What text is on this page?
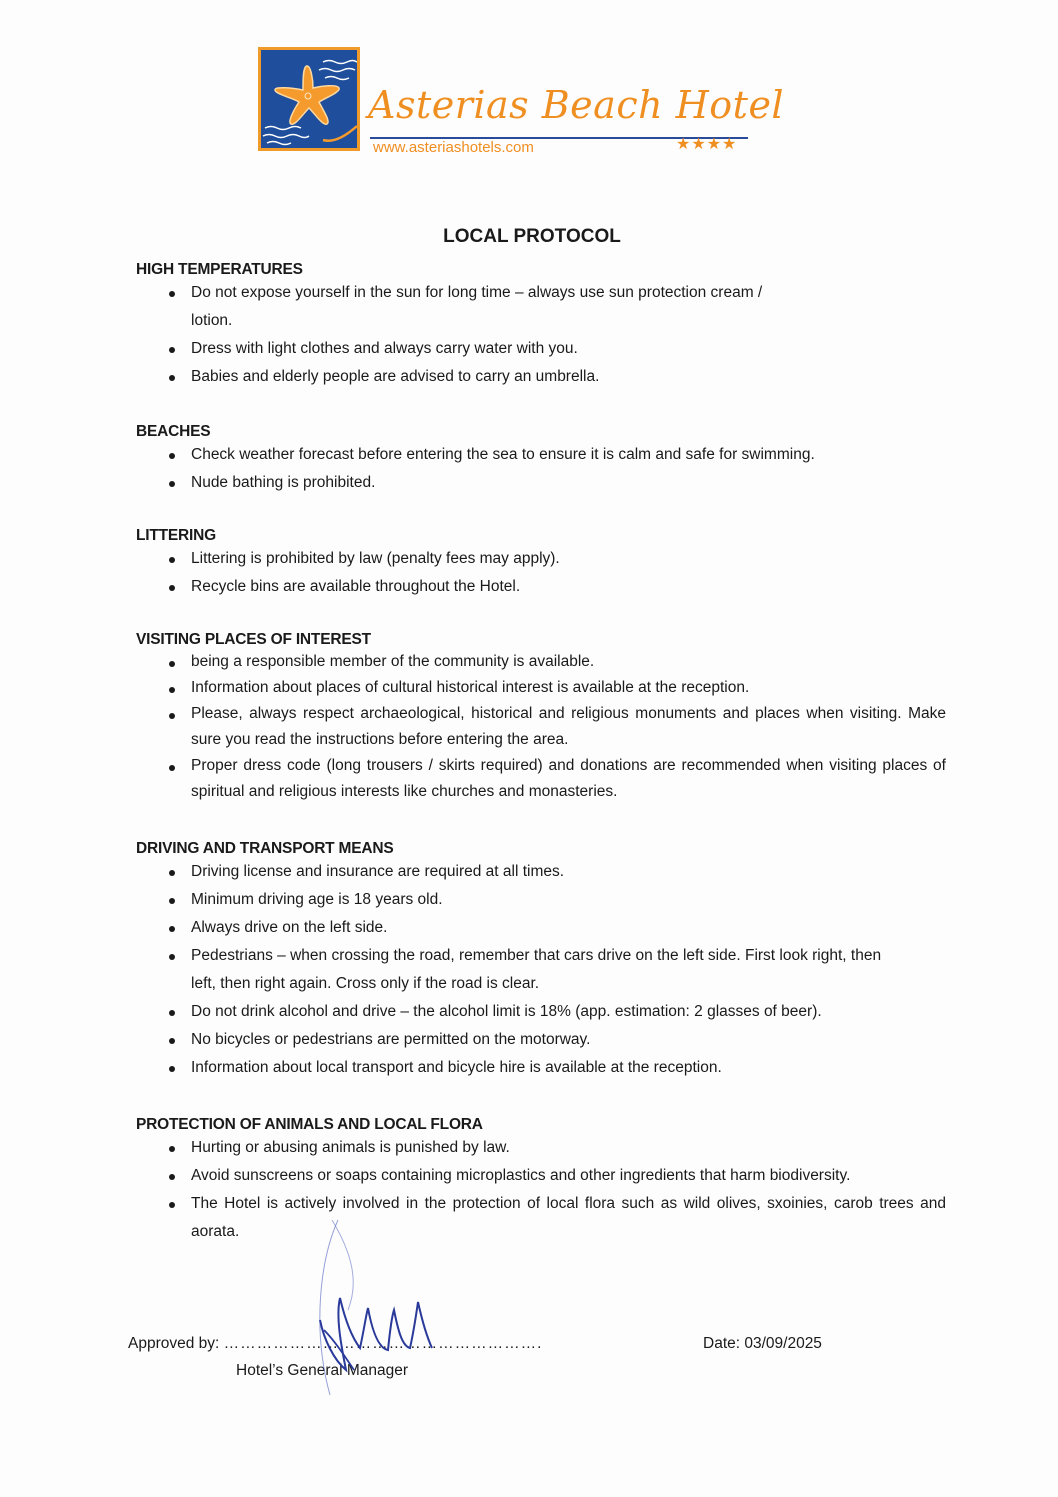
Asterias Beach Hotel
www.asteriashotels.com	★★★★
LOCAL PROTOCOL
HIGH TEMPERATURES
Do not expose yourself in the sun for long time – always use sun protection cream / lotion.
Dress with light clothes and always carry water with you.
Babies and elderly people are advised to carry an umbrella.
BEACHES
Check weather forecast before entering the sea to ensure it is calm and safe for swimming.
Nude bathing is prohibited.
LITTERING
Littering is prohibited by law (penalty fees may apply).
Recycle bins are available throughout the Hotel.
VISITING PLACES OF INTEREST
being a responsible member of the community is available.
Information about places of cultural historical interest is available at the reception.
Please, always respect archaeological, historical and religious monuments and places when visiting. Make sure you read the instructions before entering the area.
Proper dress code (long trousers / skirts required) and donations are recommended when visiting places of spiritual and religious interests like churches and monasteries.
DRIVING AND TRANSPORT MEANS
Driving license and insurance are required at all times.
Minimum driving age is 18 years old.
Always drive on the left side.
Pedestrians – when crossing the road, remember that cars drive on the left side. First look right, then left, then right again. Cross only if the road is clear.
Do not drink alcohol and drive – the alcohol limit is 18% (app. estimation: 2 glasses of beer).
No bicycles or pedestrians are permitted on the motorway.
Information about local transport and bicycle hire is available at the reception.
PROTECTION OF ANIMALS AND LOCAL FLORA
Hurting or abusing animals is punished by law.
Avoid sunscreens or soaps containing microplastics and other ingredients that harm biodiversity.
The Hotel is actively involved in the protection of local flora such as wild olives, sxoinies, carob trees and aorata.
Approved by: ………………………………………………….
Hotel’s General Manager
Date: 03/09/2025
